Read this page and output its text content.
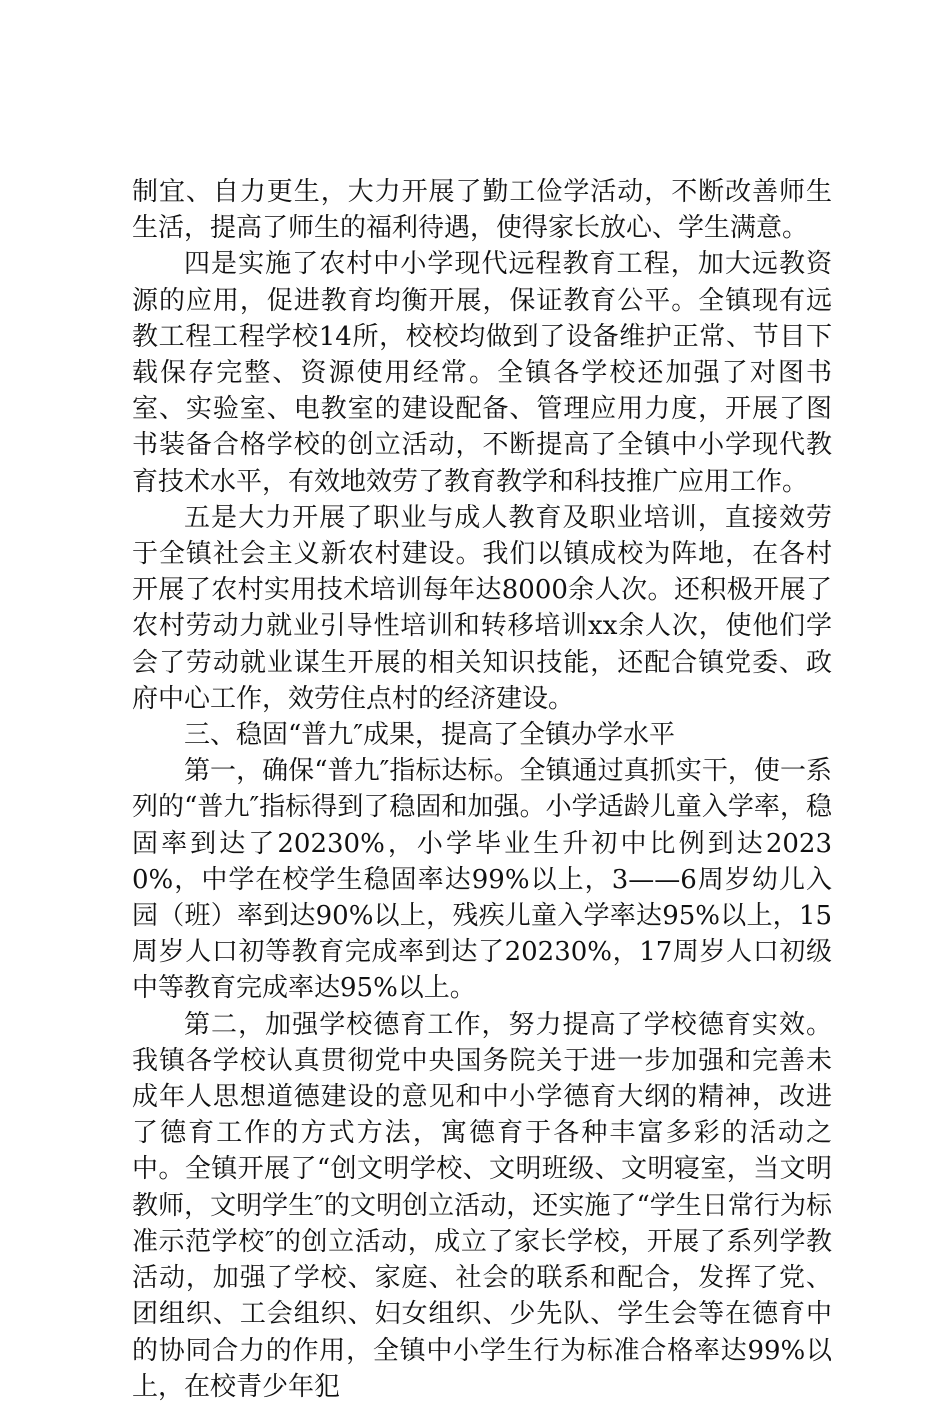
制宜、自力更生，大力开展了勤工俭学活动，不断改善师生生活，提高了师生的福利待遇，使得家长放心、学生满意。

四是实施了农村中小学现代远程教育工程，加大远教资源的应用，促进教育均衡开展，保证教育公平。全镇现有远教工程工程学校14所，校校均做到了设备维护正常、节目下载保存完整、资源使用经常。全镇各学校还加强了对图书室、实验室、电教室的建设配备、管理应用力度，开展了图书装备合格学校的创立活动，不断提高了全镇中小学现代教育技术水平，有效地效劳了教育教学和科技推广应用工作。

五是大力开展了职业与成人教育及职业培训，直接效劳于全镇社会主义新农村建设。我们以镇成校为阵地，在各村开展了农村实用技术培训每年达8000余人次。还积极开展了农村劳动力就业引导性培训和转移培训xx余人次，使他们学会了劳动就业谋生开展的相关知识技能，还配合镇党委、政府中心工作，效劳住点村的经济建设。

三、稳固“普九″成果，提高了全镇办学水平

第一，确保“普九″指标达标。全镇通过真抓实干，使一系列的“普九″指标得到了稳固和加强。小学适龄儿童入学率，稳固率到达了20230%，小学毕业生升初中比例到达20230%，中学在校学生稳固率达99%以上，3——6周岁幼儿入园（班）率到达90%以上，残疾儿童入学率达95%以上，15周岁人口初等教育完成率到达了20230%，17周岁人口初级中等教育完成率达95%以上。

第二，加强学校德育工作，努力提高了学校德育实效。我镇各学校认真贯彻党中央国务院关于进一步加强和完善未成年人思想道德建设的意见和中小学德育大纲的精神，改进了德育工作的方式方法，寓德育于各种丰富多彩的活动之中。全镇开展了“创文明学校、文明班级、文明寝室，当文明教师，文明学生″的文明创立活动，还实施了“学生日常行为标准示范学校″的创立活动，成立了家长学校，开展了系列学教活动，加强了学校、家庭、社会的联系和配合，发挥了党、团组织、工会组织、妇女组织、少先队、学生会等在德育中的协同合力的作用，全镇中小学生行为标准合格率达99%以上，在校青少年犯
